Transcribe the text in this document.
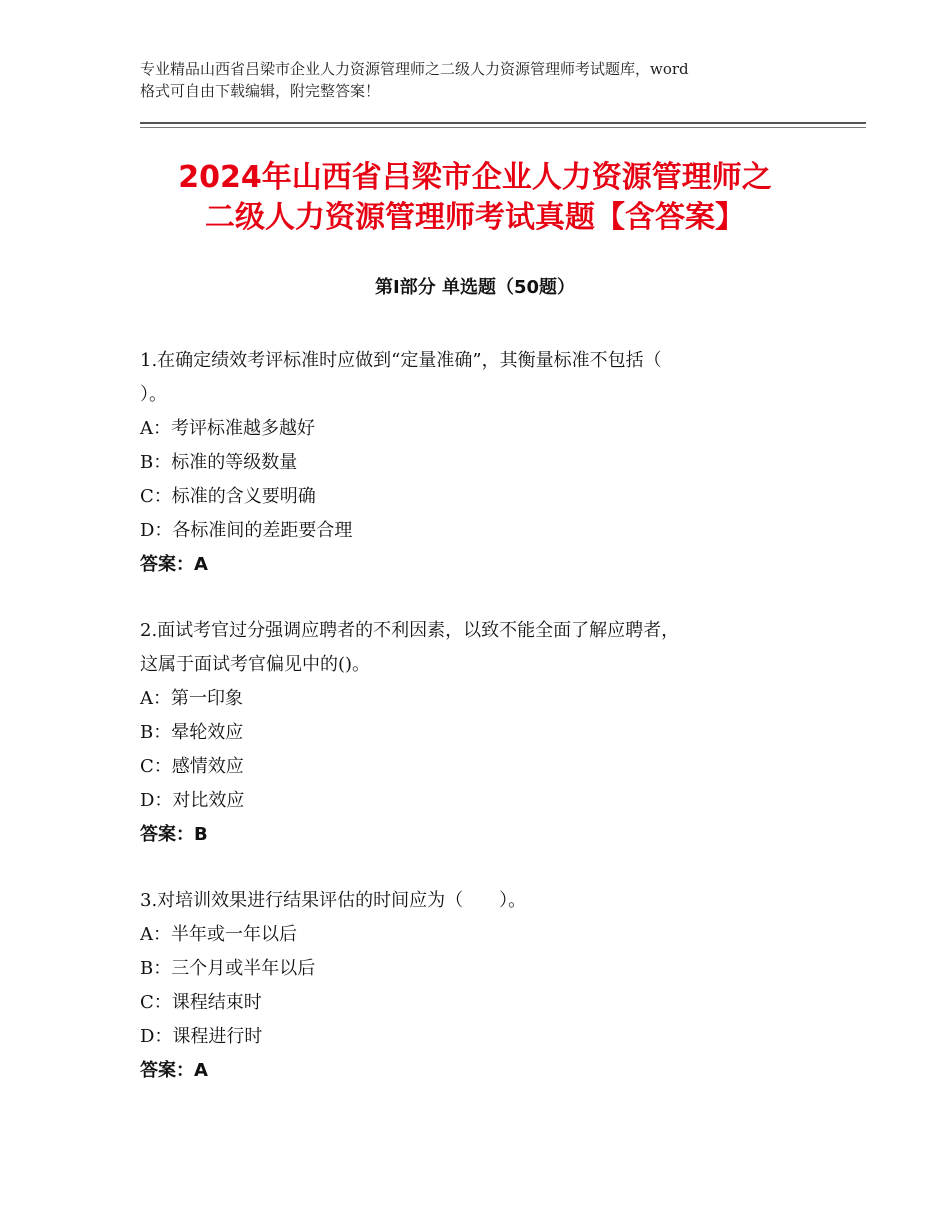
专业精品山西省吕梁市企业人力资源管理师之二级人力资源管理师考试题库，word
格式可自由下载编辑，附完整答案！
2024年山西省吕梁市企业人力资源管理师之
二级人力资源管理师考试真题【含答案】
第I部分 单选题（50题）
1.在确定绩效考评标准时应做到“定量准确”，其衡量标准不包括（
）。
A：考评标准越多越好
B：标准的等级数量
C：标准的含义要明确
D：各标准间的差距要合理
答案：A
2.面试考官过分强调应聘者的不利因素，以致不能全面了解应聘者，
这属于面试考官偏见中的()。
A：第一印象
B：晕轮效应
C：感情效应
D：对比效应
答案：B
3.对培训效果进行结果评估的时间应为（　　）。
A：半年或一年以后
B：三个月或半年以后
C：课程结束时
D：课程进行时
答案：A
